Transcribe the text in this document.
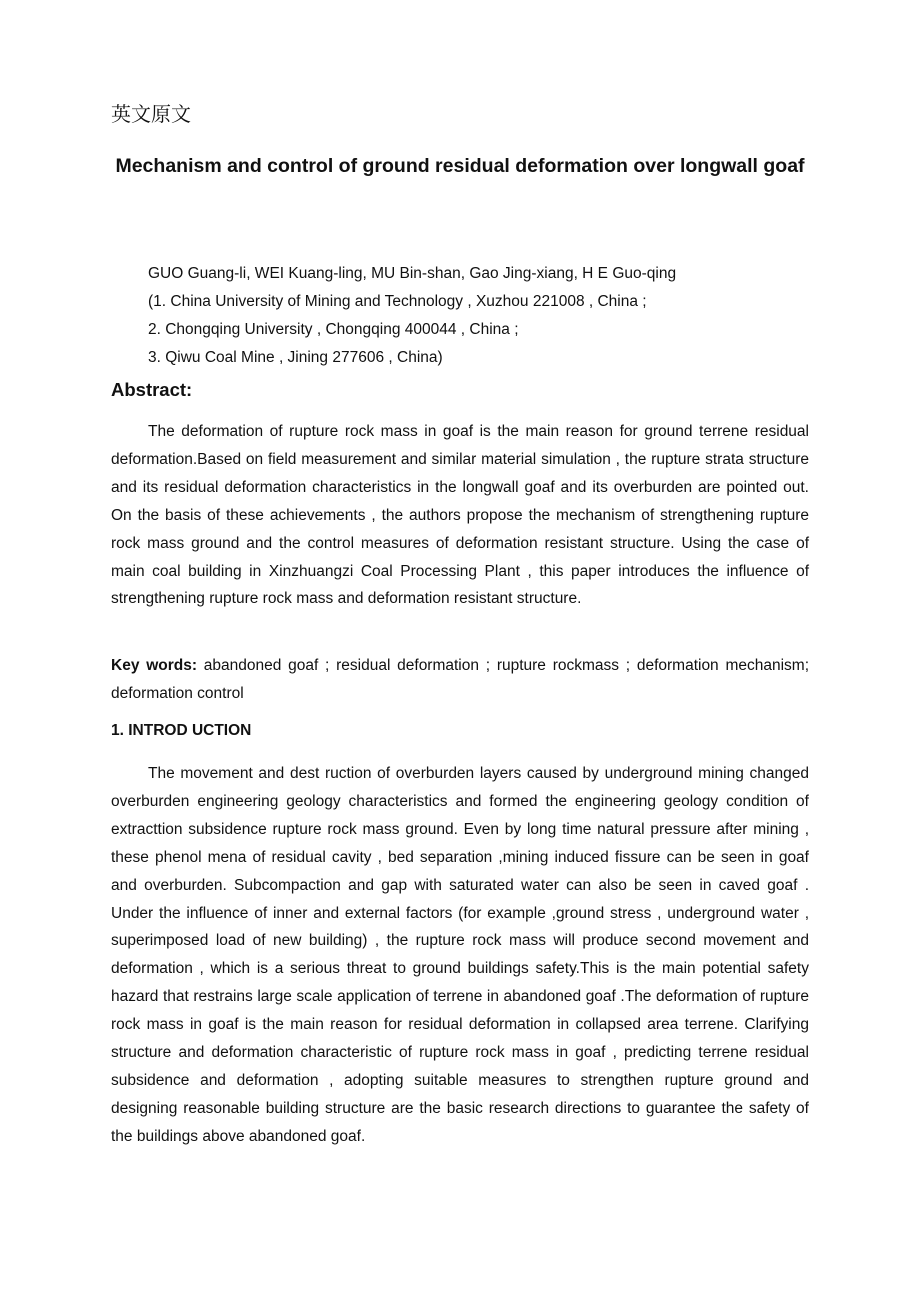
英文原文
Mechanism and control of ground residual deformation over longwall goaf
GUO Guang-li, WEI Kuang-ling, MU Bin-shan, Gao Jing-xiang, H E Guo-qing
(1. China University of Mining and Technology , Xuzhou 221008 , China ;
2. Chongqing University , Chongqing 400044 , China ;
3. Qiwu Coal Mine , Jining 277606 , China)
Abstract:
The deformation of rupture rock mass in goaf is the main reason for ground terrene residual deformation.Based on field measurement and similar material simulation , the rupture strata structure and its residual deformation characteristics in the longwall goaf and its overburden are pointed out. On the basis of these achievements , the authors propose the mechanism of strengthening rupture rock mass ground and the control measures of deformation resistant structure. Using the case of main coal building in Xinzhuangzi Coal Processing Plant , this paper introduces the influence of strengthening rupture rock mass and deformation resistant structure.
Key words: abandoned goaf ; residual deformation ; rupture rockmass ; deformation mechanism; deformation control
1. INTROD UCTION
The movement and dest ruction of overburden layers caused by underground mining changed overburden engineering geology characteristics and formed the engineering geology condition of extracttion subsidence rupture rock mass ground. Even by long time natural pressure after mining , these phenol mena of residual cavity , bed separation ,mining induced fissure can be seen in goaf and overburden. Subcompaction and gap with saturated water can also be seen in caved goaf . Under the influence of inner and external factors (for example ,ground stress , underground water , superimposed load of new building) , the rupture rock mass will produce second movement and deformation , which is a serious threat to ground buildings safety.This is the main potential safety hazard that restrains large scale application of terrene in abandoned goaf .The deformation of rupture rock mass in goaf is the main reason for residual deformation in collapsed area terrene. Clarifying structure and deformation characteristic of rupture rock mass in goaf , predicting terrene residual subsidence and deformation , adopting suitable measures to strengthen rupture ground and designing reasonable building structure are the basic research directions to guarantee the safety of the buildings above abandoned goaf.
